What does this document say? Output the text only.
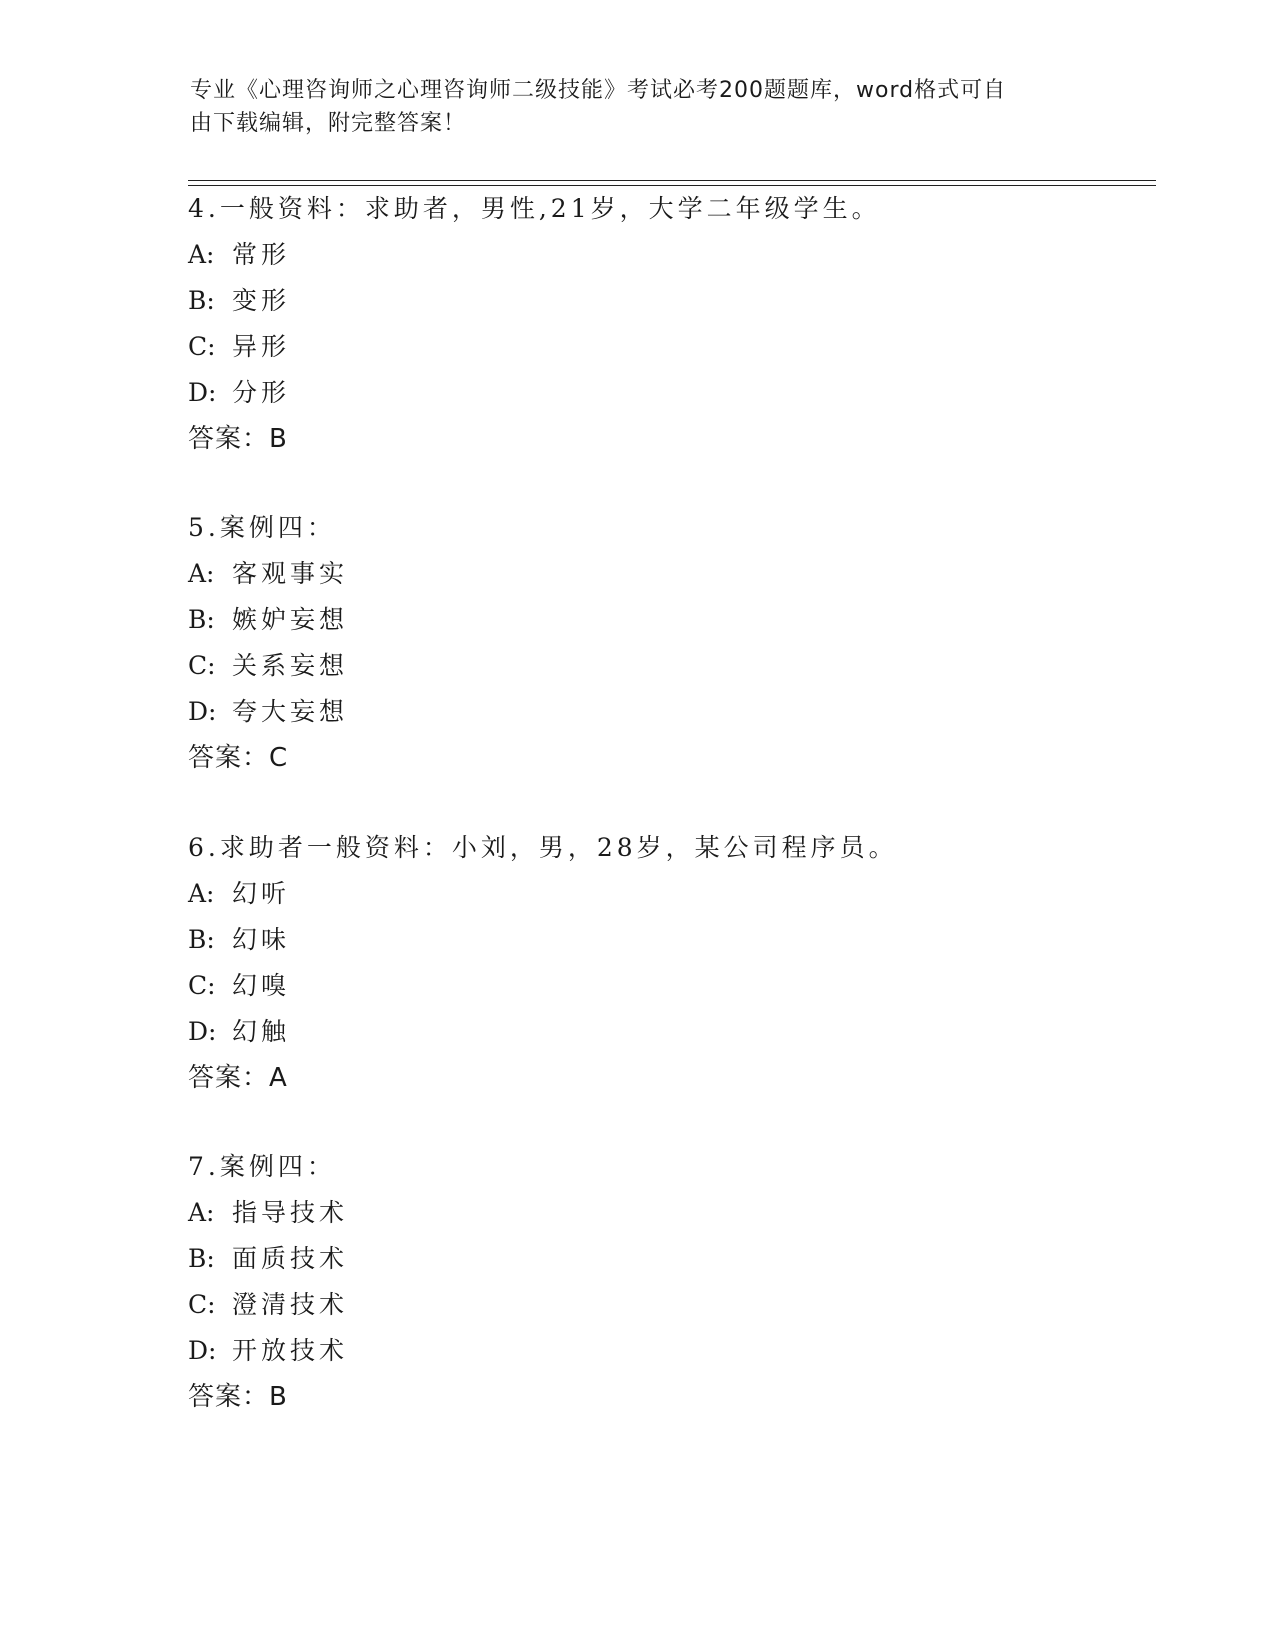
专业《心理咨询师之心理咨询师二级技能》考试必考200题题库，word格式可自
由下载编辑，附完整答案！
4.一般资料：求助者，男性,21岁，大学二年级学生。
A: 常形
B: 变形
C: 异形
D: 分形
答案：B
5.案例四：
A: 客观事实
B: 嫉妒妄想
C: 关系妄想
D: 夸大妄想
答案：C
6.求助者一般资料：小刘，男，28岁，某公司程序员。
A: 幻听
B: 幻味
C: 幻嗅
D: 幻触
答案：A
7.案例四：
A: 指导技术
B: 面质技术
C: 澄清技术
D: 开放技术
答案：B
